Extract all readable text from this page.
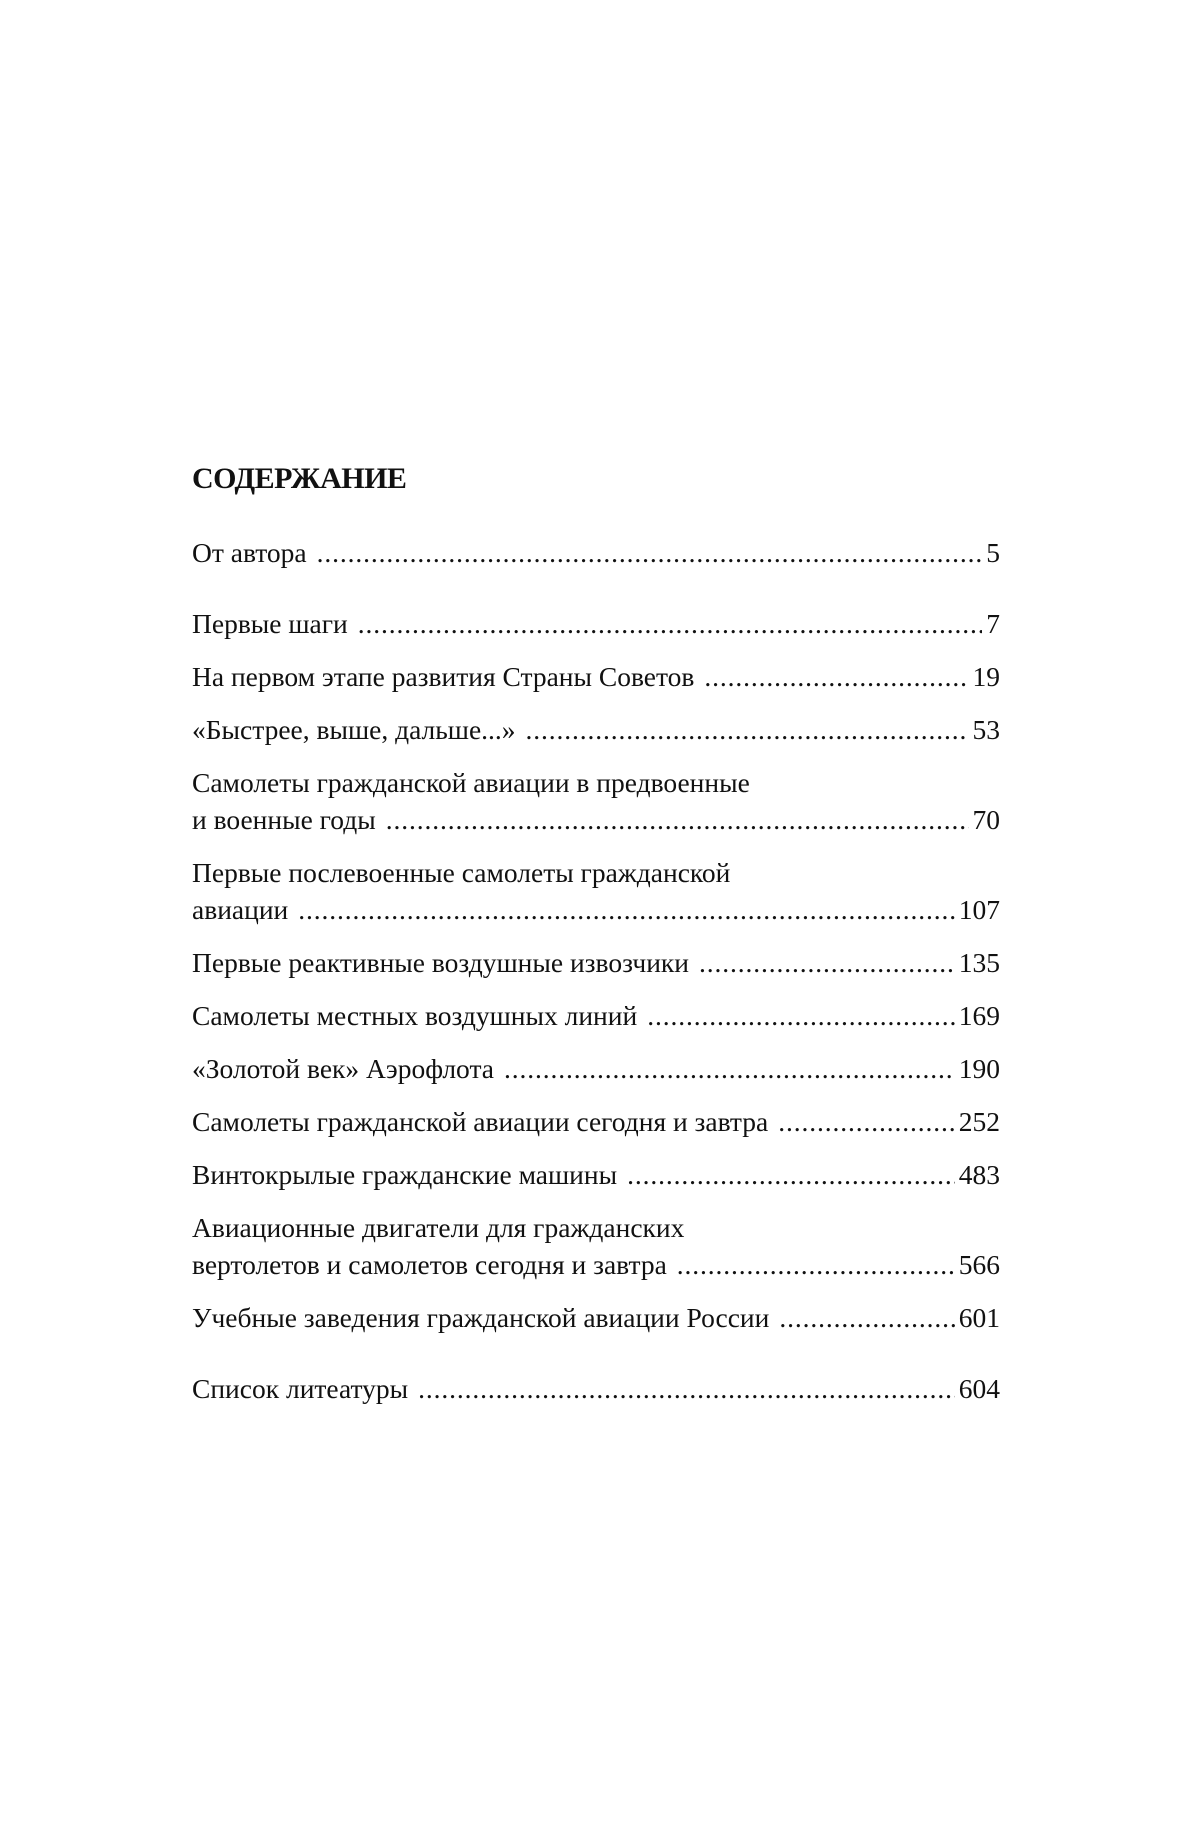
СОДЕРЖАНИЕ
От автора . . .	5
Первые шаги . . .	7
На первом этапе развития Страны Советов . . .	19
«Быстрее, выше, дальше...» . . .	53
Самолеты гражданской авиации в предвоенные
и военные годы . . .	70
Первые послевоенные самолеты гражданской
авиации . . .	107
Первые реактивные воздушные извозчики . . .	135
Самолеты местных воздушных линий . . .	169
«Золотой век» Аэрофлота . . .	190
Самолеты гражданской авиации сегодня и завтра . . .	252
Винтокрылые гражданские машины . . .	483
Авиационные двигатели для гражданских
вертолетов и самолетов сегодня и завтра . . .	566
Учебные заведения гражданской авиации России . . .	601
Список литеатуры . . .	604
